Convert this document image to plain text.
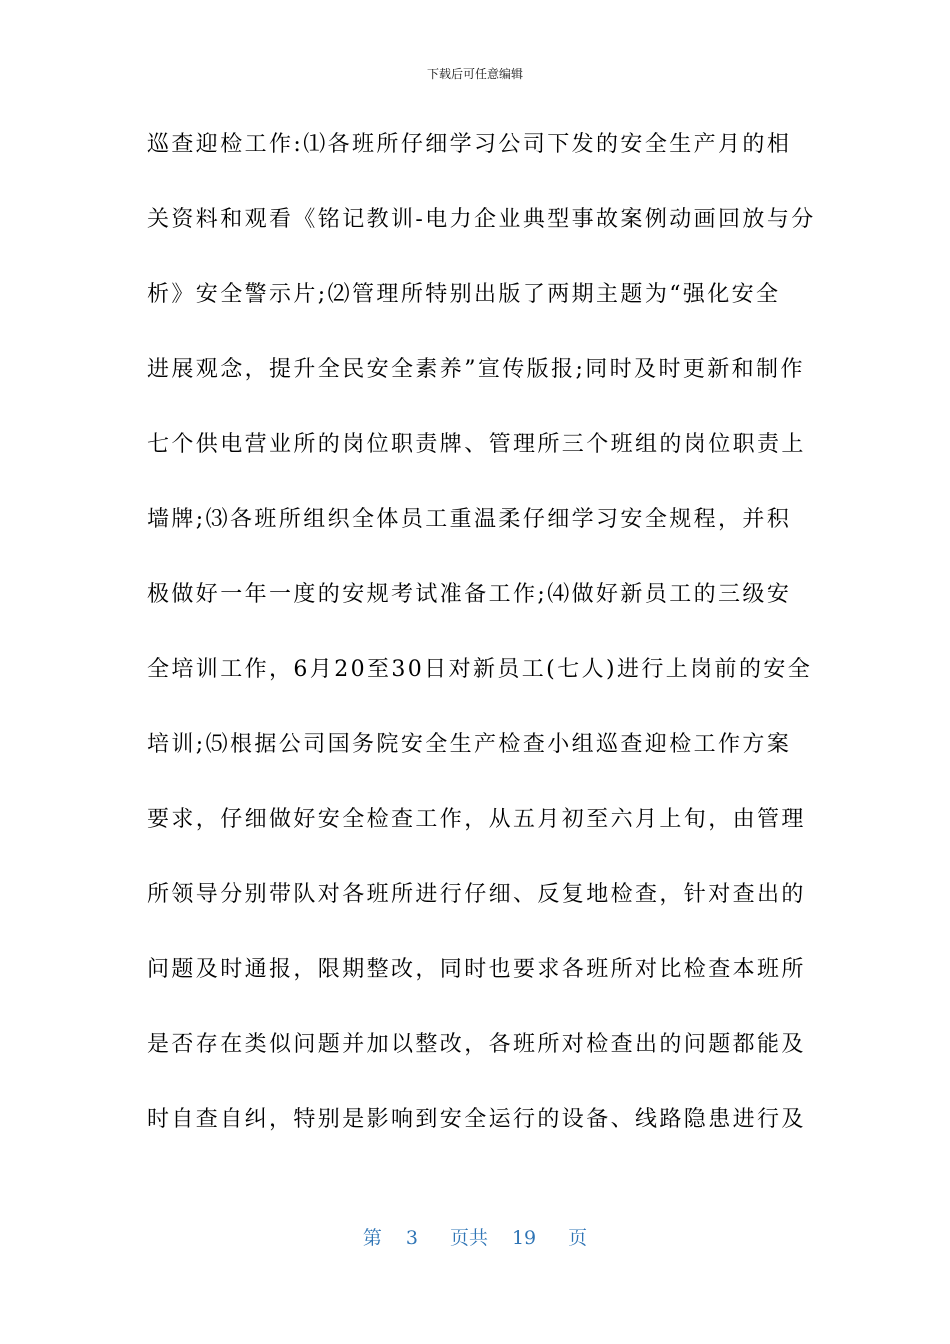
下载后可任意编辑
巡查迎检工作:⑴各班所仔细学习公司下发的安全生产月的相
关资料和观看《铭记教训-电力企业典型事故案例动画回放与分
析》安全警示片;⑵管理所特别出版了两期主题为“强化安全
进展观念，提升全民安全素养”宣传版报;同时及时更新和制作
七个供电营业所的岗位职责牌、管理所三个班组的岗位职责上
墙牌;⑶各班所组织全体员工重温柔仔细学习安全规程，并积
极做好一年一度的安规考试准备工作;⑷做好新员工的三级安
全培训工作，6月20至30日对新员工(七人)进行上岗前的安全
培训;⑸根据公司国务院安全生产检查小组巡查迎检工作方案
要求，仔细做好安全检查工作，从五月初至六月上旬，由管理
所领导分别带队对各班所进行仔细、反复地检查，针对查出的
问题及时通报，限期整改，同时也要求各班所对比检查本班所
是否存在类似问题并加以整改，各班所对检查出的问题都能及
时自查自纠，特别是影响到安全运行的设备、线路隐患进行及
第 3 页共 19 页
